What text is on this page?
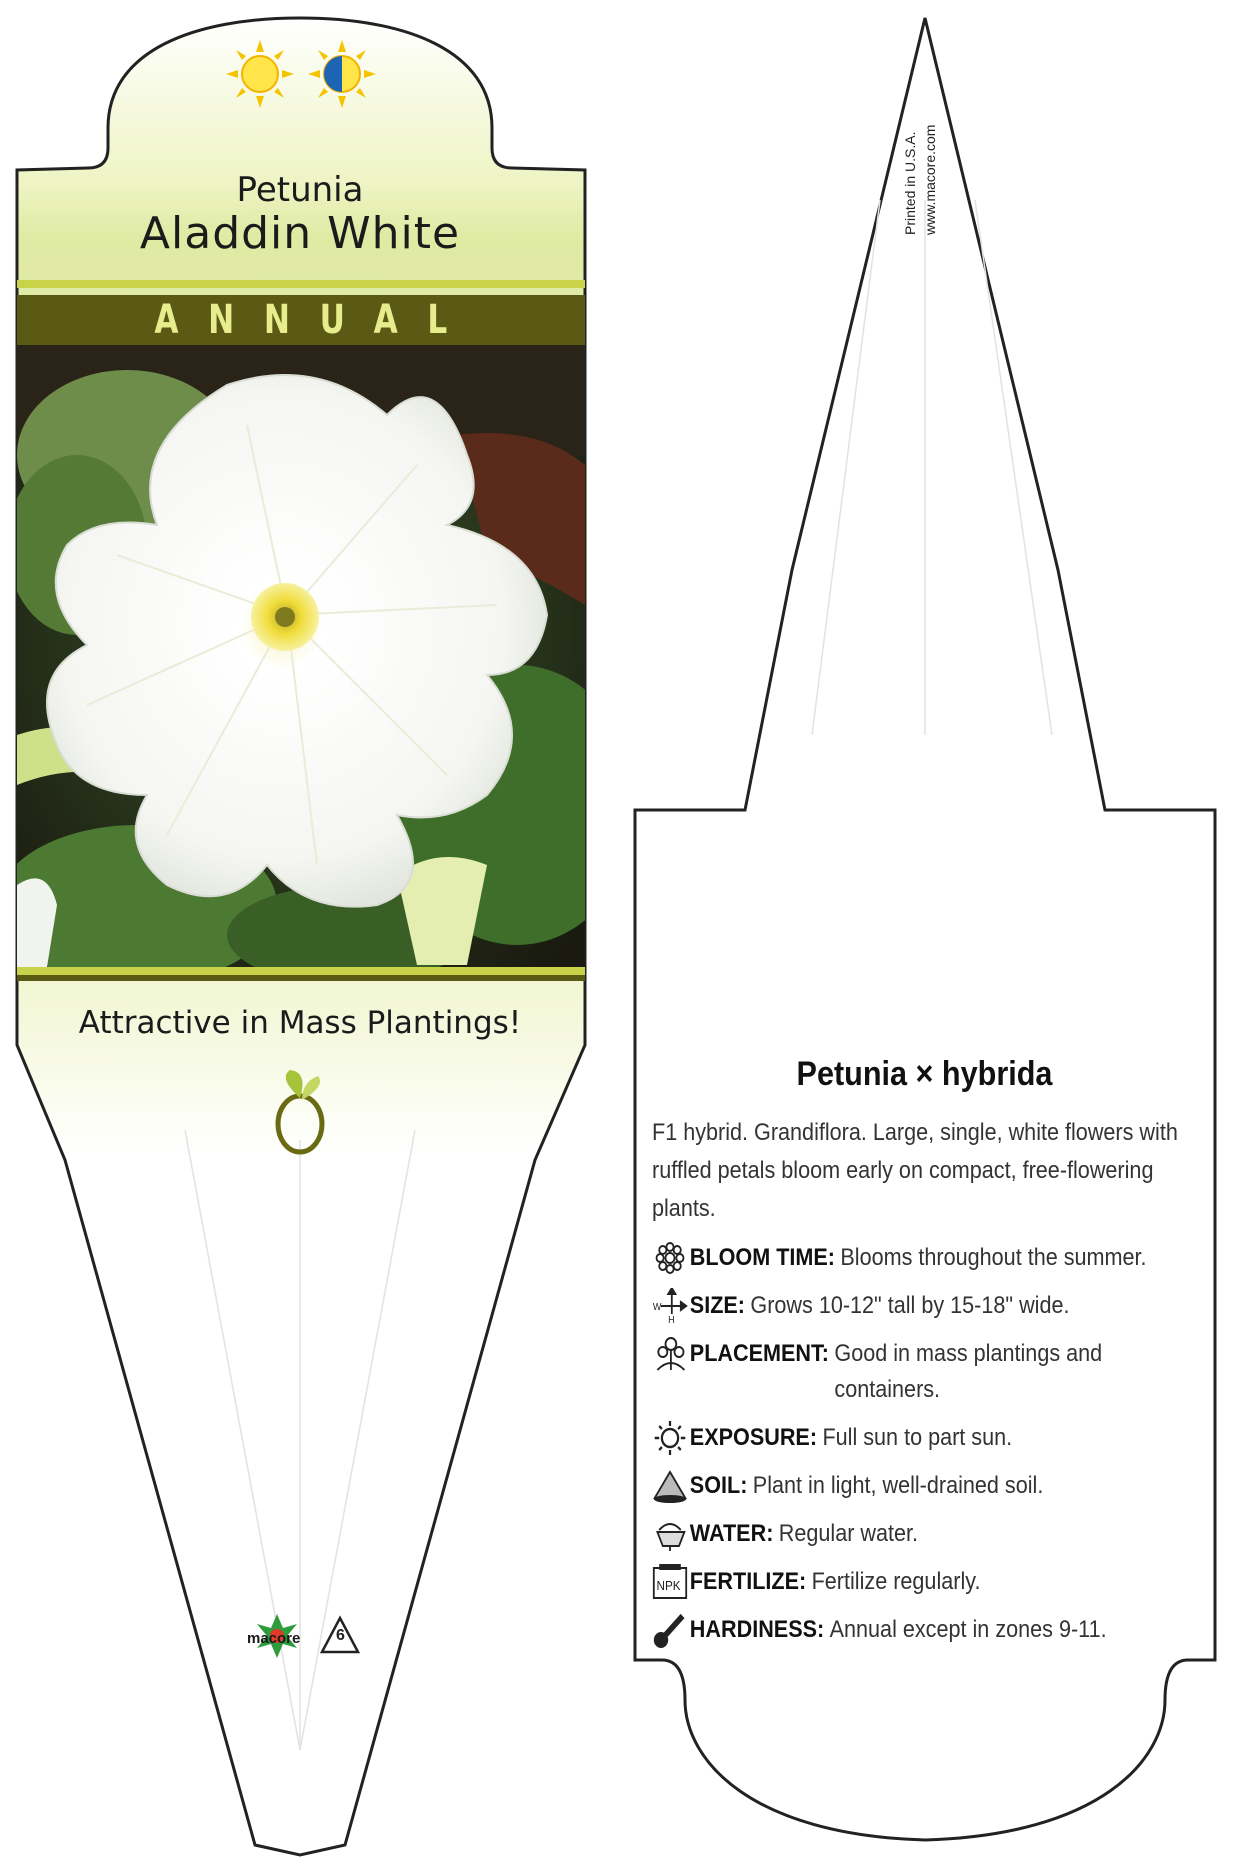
Petunia
Aladdin White
ANNUAL
Attractive in Mass Plantings!
macore 6
Printed in U.S.A. www.macore.com
Petunia × hybrida
F1 hybrid. Grandiflora. Large, single, white flowers with ruffled petals bloom early on compact, free-flowering plants.
BLOOM TIME: Blooms throughout the summer.
W
H
SIZE: Grows 10-12" tall by 15-18" wide.
PLACEMENT: Good in mass plantings and containers.
EXPOSURE: Full sun to part sun.
SOIL: Plant in light, well-drained soil.
WATER: Regular water.
NPK FERTILIZE: Fertilize regularly.
HARDINESS: Annual except in zones 9-11.
